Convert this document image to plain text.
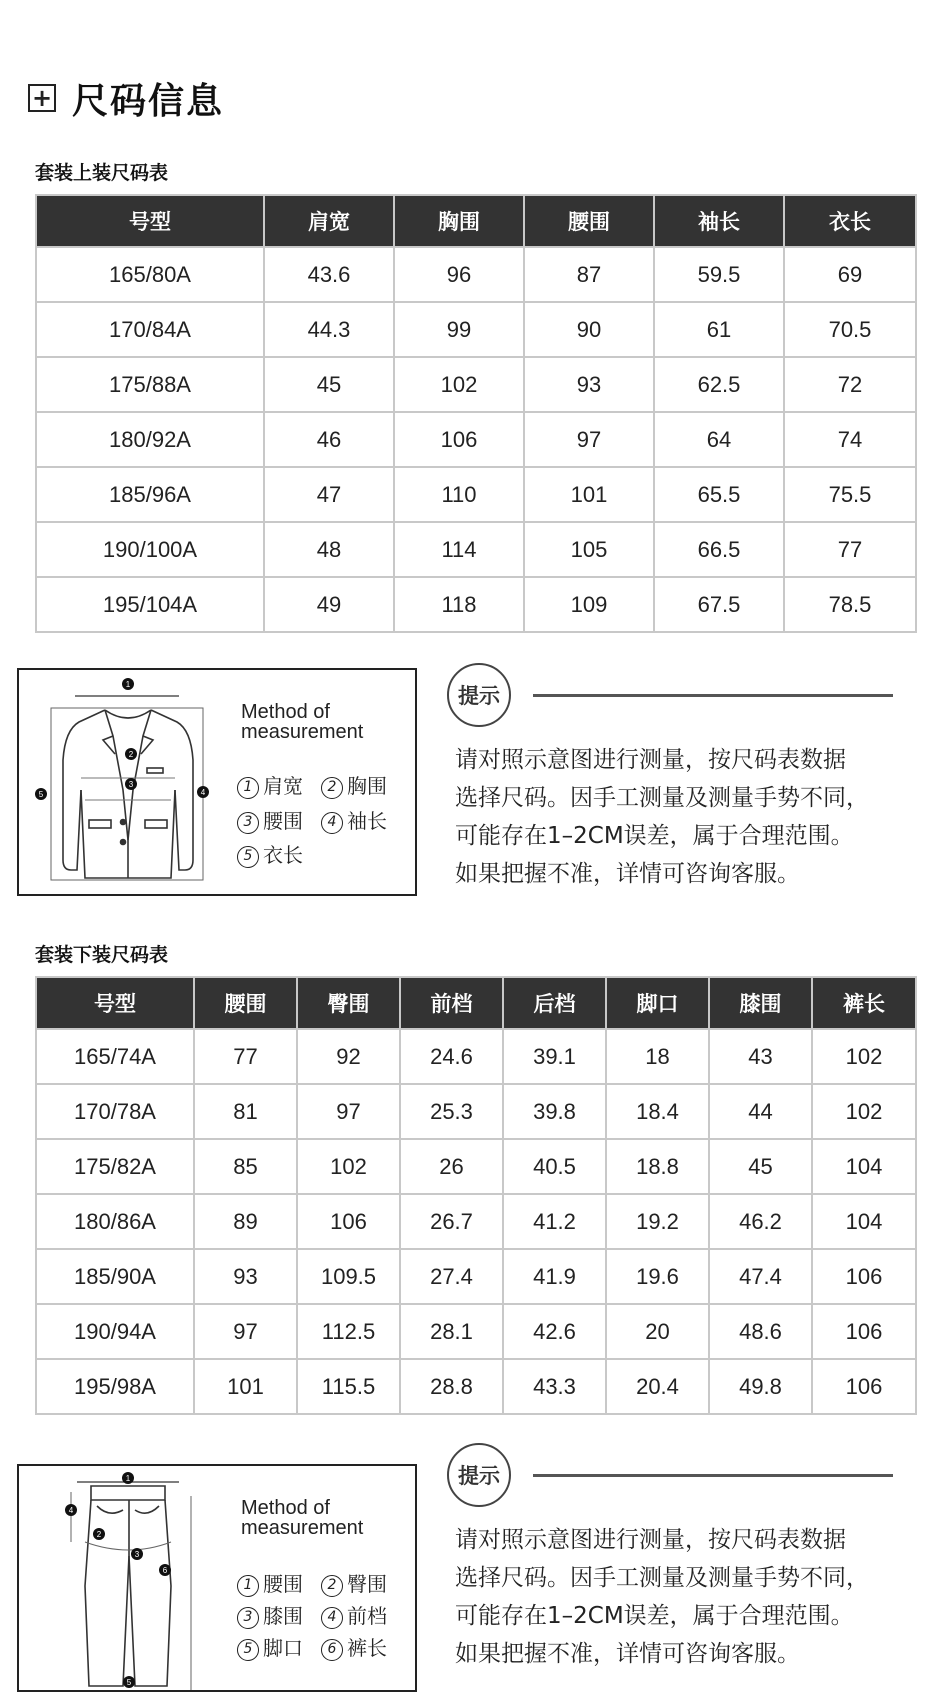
+ 尺码信息
套装上装尺码表
号型	肩宽	胸围	腰围	袖长	衣长
165/80A	43.6	96	87	59.5	69
170/84A	44.3	99	90	61	70.5
175/88A	45	102	93	62.5	72
180/92A	46	106	97	64	74
185/96A	47	110	101	65.5	75.5
190/100A	48	114	105	66.5	77
195/104A	49	118	109	67.5	78.5
1
2
3
4
5
Method of
measurement
1 肩宽	2 胸围
3 腰围	4 袖长
5 衣长
提示

请对照示意图进行测量，按尺码表数据

选择尺码。因手工测量及测量手势不同，

可能存在1–2CM误差，属于合理范围。

如果把握不准，详情可咨询客服。

套装下装尺码表
号型	腰围	臀围	前档	后档	脚口	膝围	裤长
165/74A	77	92	24.6	39.1	18	43	102
170/78A	81	97	25.3	39.8	18.4	44	102
175/82A	85	102	26	40.5	18.8	45	104
180/86A	89	106	26.7	41.2	19.2	46.2	104
185/90A	93	109.5	27.4	41.9	19.6	47.4	106
190/94A	97	112.5	28.1	42.6	20	48.6	106
195/98A	101	115.5	28.8	43.3	20.4	49.8	106
1
2
3
4
5
6
Method of
measurement
1 腰围	2 臀围
3 膝围	4 前档
5 脚口	6 裤长
提示

请对照示意图进行测量，按尺码表数据

选择尺码。因手工测量及测量手势不同，

可能存在1–2CM误差，属于合理范围。

如果把握不准，详情可咨询客服。
